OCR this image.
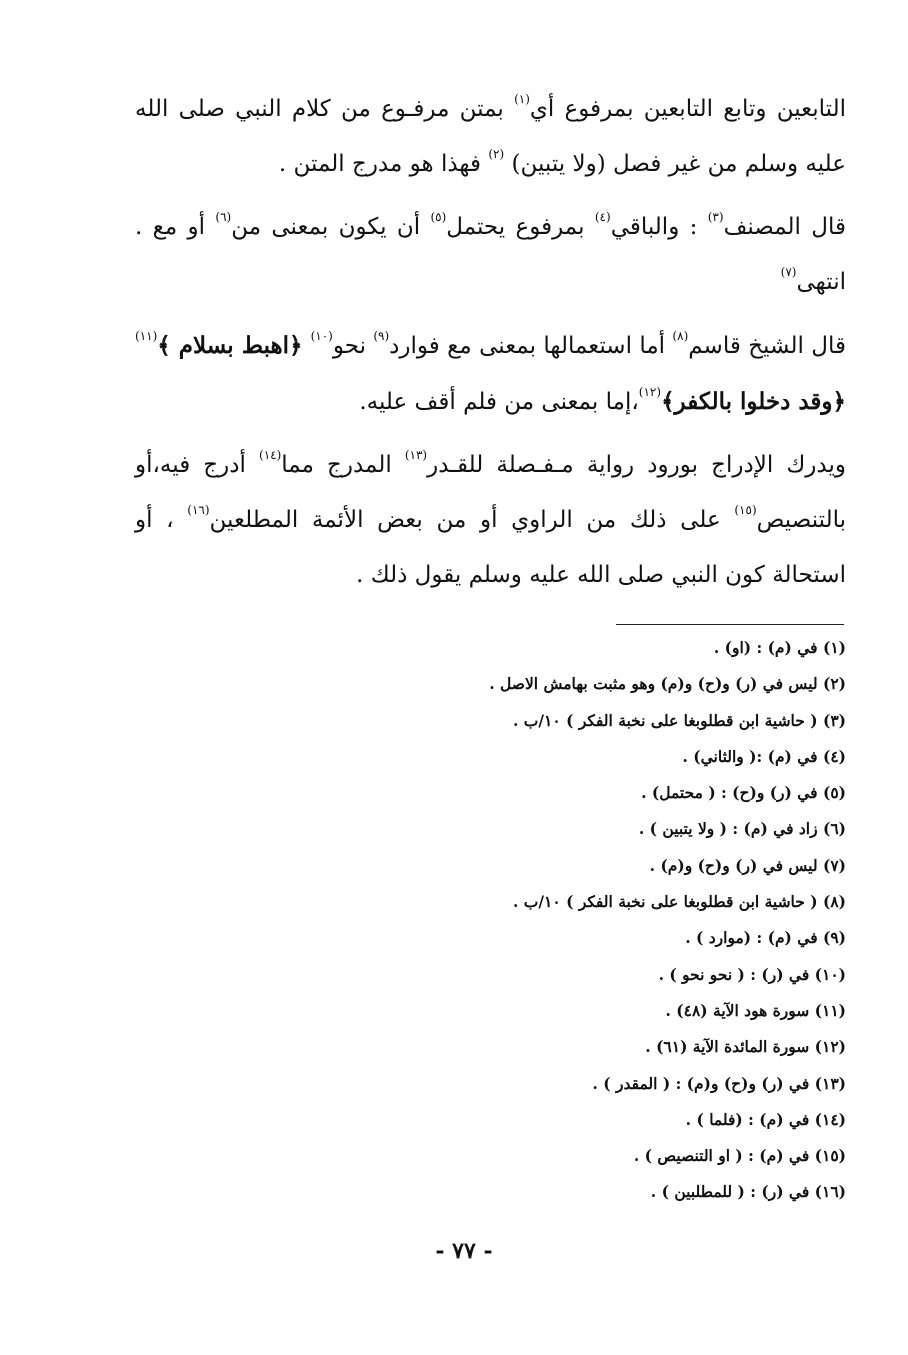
التابعين وتابع التابعين بمرفوع أي$^{(١)}$ بمتن مرفـوع من كلام النبي صلى الله عليه وسلم من غير فصل (ولا يتبين) $^{(٢)}$ فهذا هو مدرج المتن .

قال المصنف$^{(٣)}$ : والباقي$^{(٤)}$ بمرفوع يحتمل$^{(٥)}$ أن يكون بمعنى من$^{(٦)}$ أو مع . انتهى$^{(٧)}$

قال الشيخ قاسم$^{(٨)}$ أما استعمالها بمعنى مع فوارد$^{(٩)}$ نحو$^{(١٠)}$ ﴿اهبط بسلام ﴾$^{(١١)}$ ﴿وقد دخلوا بالكفر﴾$^{(١٢)}$،إما بمعنى من فلم أقف عليه.

ويدرك الإدراج بورود رواية مـفـصلة للقـدر$^{(١٣)}$ المدرج مما$^{(١٤)}$ أدرج فيه،أو بالتنصيص$^{(١٥)}$ على ذلك من الراوي أو من بعض الأئمة المطلعين$^{(١٦)}$ ، أو استحالة كون النبي صلى الله عليه وسلم يقول ذلك .

(١) في (م) : (او) .
(٢) ليس في (ر) و(ح) و(م) وهو مثبت بهامش الاصل .
(٣) ( حاشية ابن قطلوبغا على نخبة الفكر ) ١٠/ب .
(٤) في (م) :( والثاني) .
(٥) في (ر) و(ح) : ( محتمل) .
(٦) زاد في (م) : ( ولا يتبين ) .
(٧) ليس في (ر) و(ح) و(م) .
(٨) ( حاشية ابن قطلوبغا على نخبة الفكر ) ١٠/ب .
(٩) في (م) : (موارد ) .
(١٠) في (ر) : ( نحو نحو ) .
(١١) سورة هود الآية (٤٨) .
(١٢) سورة المائدة الآية (٦١) .
(١٣) في (ر) و(ح) و(م) : ( المقدر ) .
(١٤) في (م) : (فلما ) .
(١٥) في (م) : ( او التنصيص ) .
(١٦) في (ر) : ( للمطلبين ) .
- ٧٧ -
